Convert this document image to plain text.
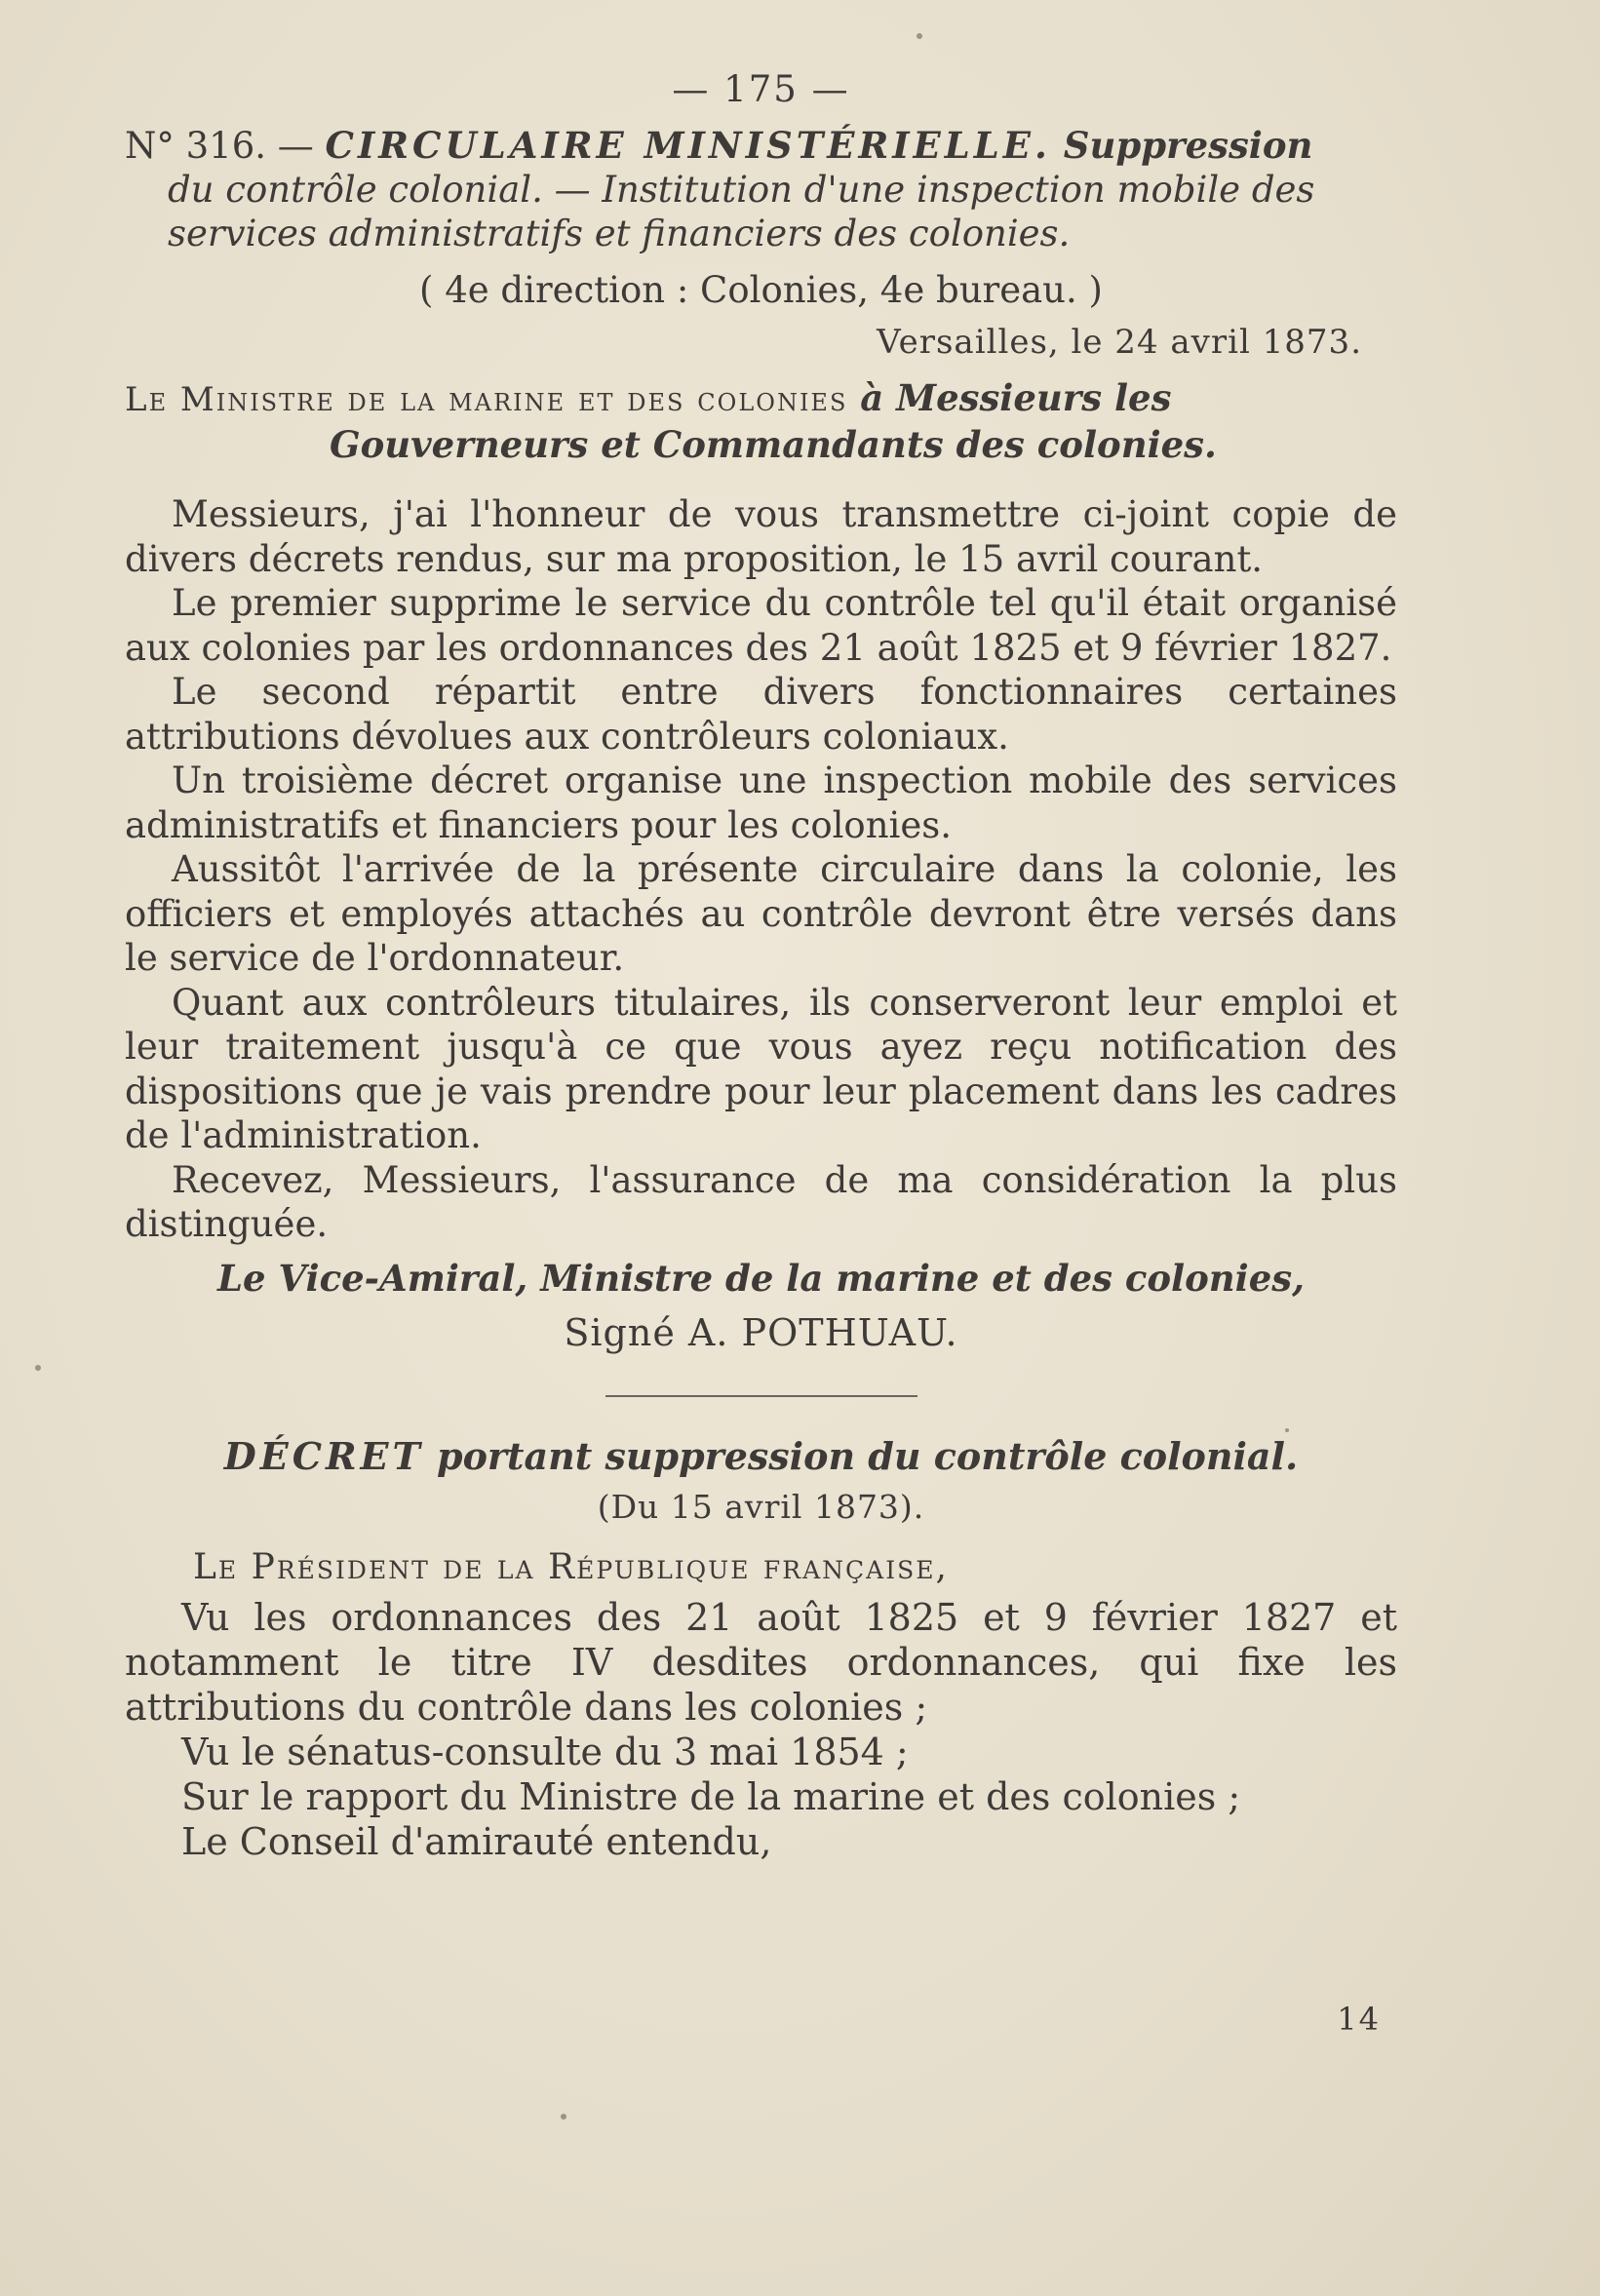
— 175 —
N° 316. — CIRCULAIRE MINISTÉRIELLE. Suppression
du contrôle colonial. — Institution d'une inspection mobile des
services administratifs et financiers des colonies.
( 4e direction : Colonies, 4e bureau. )
Versailles, le 24 avril 1873.
Le Ministre de la marine et des colonies à Messieurs les
Gouverneurs et Commandants des colonies.

Messieurs, j'ai l'honneur de vous transmettre ci-joint copie de divers décrets rendus, sur ma proposition, le 15 avril courant.

Le premier supprime le service du contrôle tel qu'il était organisé aux colonies par les ordonnances des 21 août 1825 et 9 février 1827.

Le second répartit entre divers fonctionnaires certaines attributions dévolues aux contrôleurs coloniaux.

Un troisième décret organise une inspection mobile des services administratifs et financiers pour les colonies.

Aussitôt l'arrivée de la présente circulaire dans la colonie, les officiers et employés attachés au contrôle devront être versés dans le service de l'ordonnateur.

Quant aux contrôleurs titulaires, ils conserveront leur emploi et leur traitement jusqu'à ce que vous ayez reçu notification des dispositions que je vais prendre pour leur placement dans les cadres de l'administration.

Recevez, Messieurs, l'assurance de ma considération la plus distinguée.

Le Vice-Amiral, Ministre de la marine et des colonies,
Signé A. POTHUAU.
DÉCRET portant suppression du contrôle colonial.
(Du 15 avril 1873).
Le Président de la République française,

Vu les ordonnances des 21 août 1825 et 9 février 1827 et notamment le titre IV desdites ordonnances, qui fixe les attributions du contrôle dans les colonies ;

Vu le sénatus-consulte du 3 mai 1854 ;

Sur le rapport du Ministre de la marine et des colonies ;

Le Conseil d'amirauté entendu,

14
